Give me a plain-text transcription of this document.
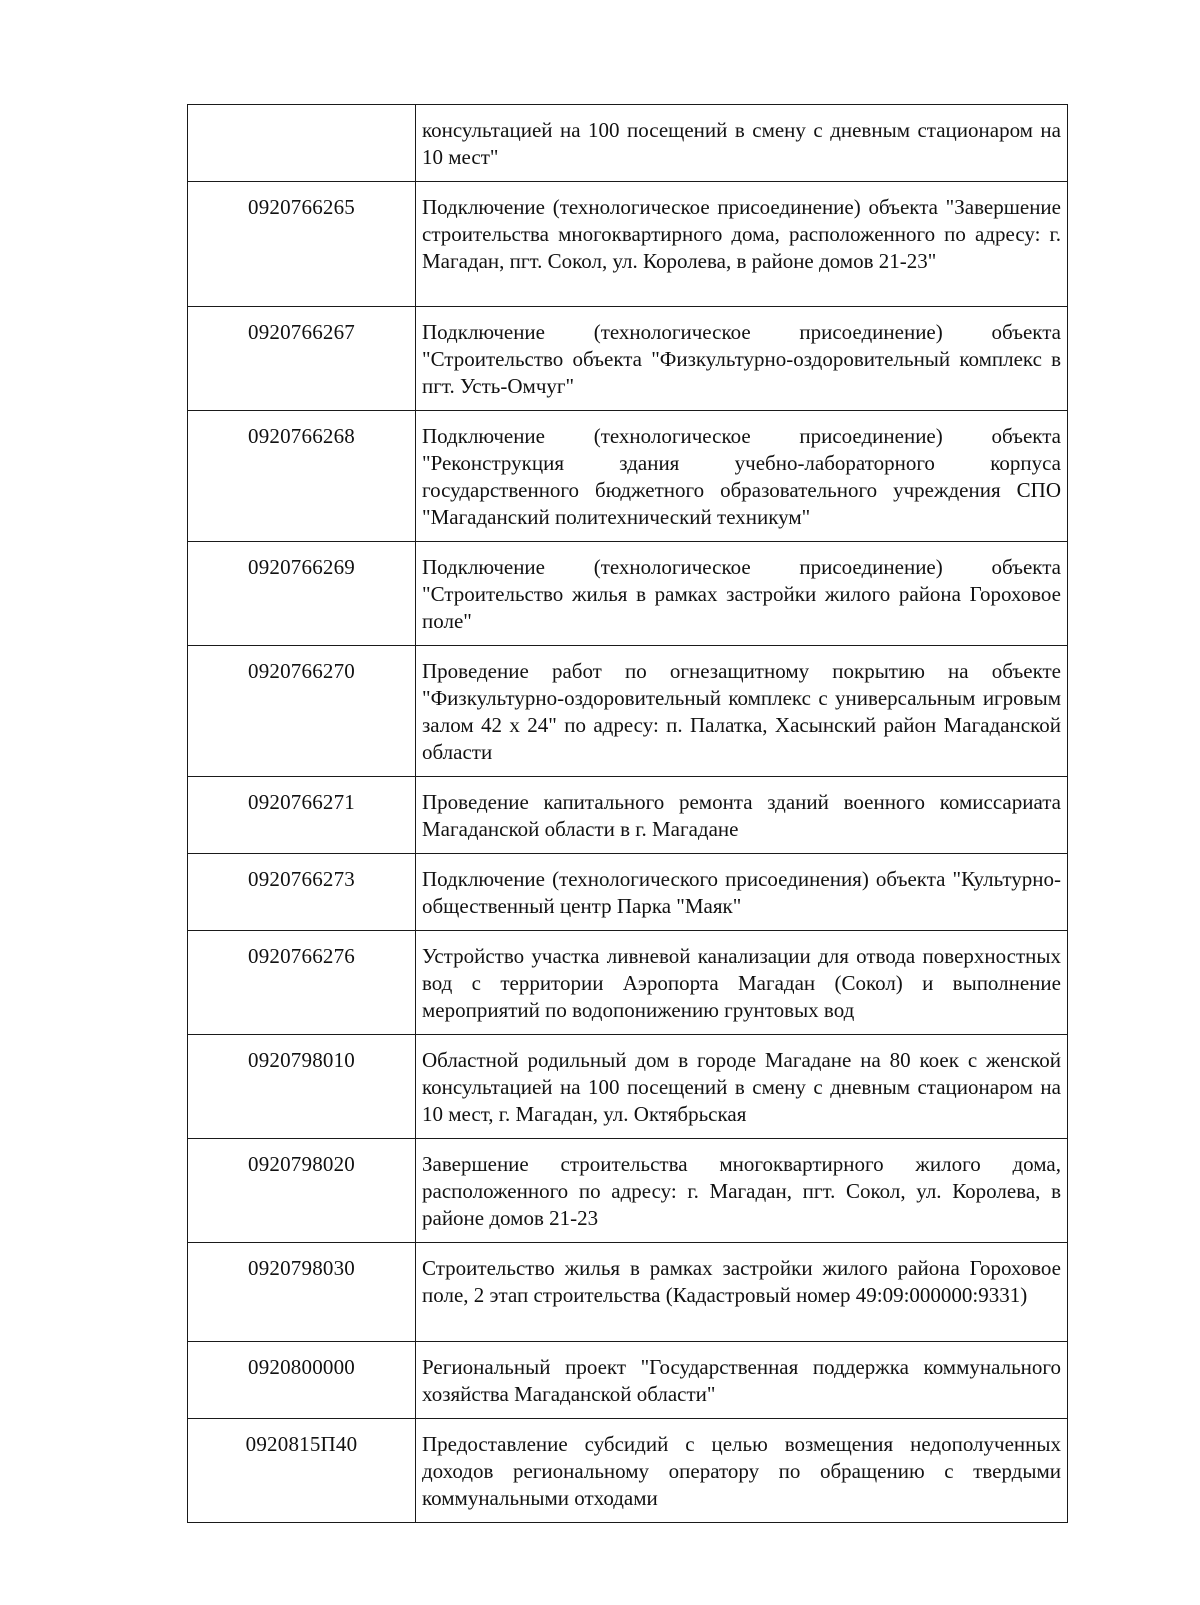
	консультацией на 100 посещений в смену с дневным стационаром на 10 мест"

0920766265	Подключение (технологическое присоединение) объекта "Завершение строительства многоквартирного дома, расположенного по адресу: г. Магадан, пгт. Сокол, ул. Королева, в районе домов 21-23"

0920766267	Подключение (технологическое присоединение) объекта "Строительство объекта "Физкультурно-оздоровительный комплекс в пгт. Усть-Омчуг"

0920766268	Подключение (технологическое присоединение) объекта "Реконструкция здания учебно-лабораторного корпуса государственного бюджетного образовательного учреждения СПО "Магаданский политехнический техникум"

0920766269	Подключение (технологическое присоединение) объекта "Строительство жилья в рамках застройки жилого района Гороховое поле"

0920766270	Проведение работ по огнезащитному покрытию на объекте "Физкультурно-оздоровительный комплекс с универсальным игровым залом 42 х 24" по адресу: п. Палатка, Хасынский район Магаданской области

0920766271	Проведение капитального ремонта зданий военного комиссариата Магаданской области в г. Магадане

0920766273	Подключение (технологического присоединения) объекта "Культурно-общественный центр Парка "Маяк"

0920766276	Устройство участка ливневой канализации для отвода поверхностных вод с территории Аэропорта Магадан (Сокол) и выполнение мероприятий по водопонижению грунтовых вод

0920798010	Областной родильный дом в городе Магадане на 80 коек с женской консультацией на 100 посещений в смену с дневным стационаром на 10 мест, г. Магадан, ул. Октябрьская

0920798020	Завершение строительства многоквартирного жилого дома, расположенного по адресу: г. Магадан, пгт. Сокол, ул. Королева, в районе домов 21-23

0920798030	Строительство жилья в рамках застройки жилого района Гороховое поле, 2 этап строительства (Кадастровый номер 49:09:000000:9331)

0920800000	Региональный проект "Государственная поддержка коммунального хозяйства Магаданской области"

0920815П40	Предоставление субсидий с целью возмещения недополученных доходов региональному оператору по обращению с твердыми коммунальными отходами
